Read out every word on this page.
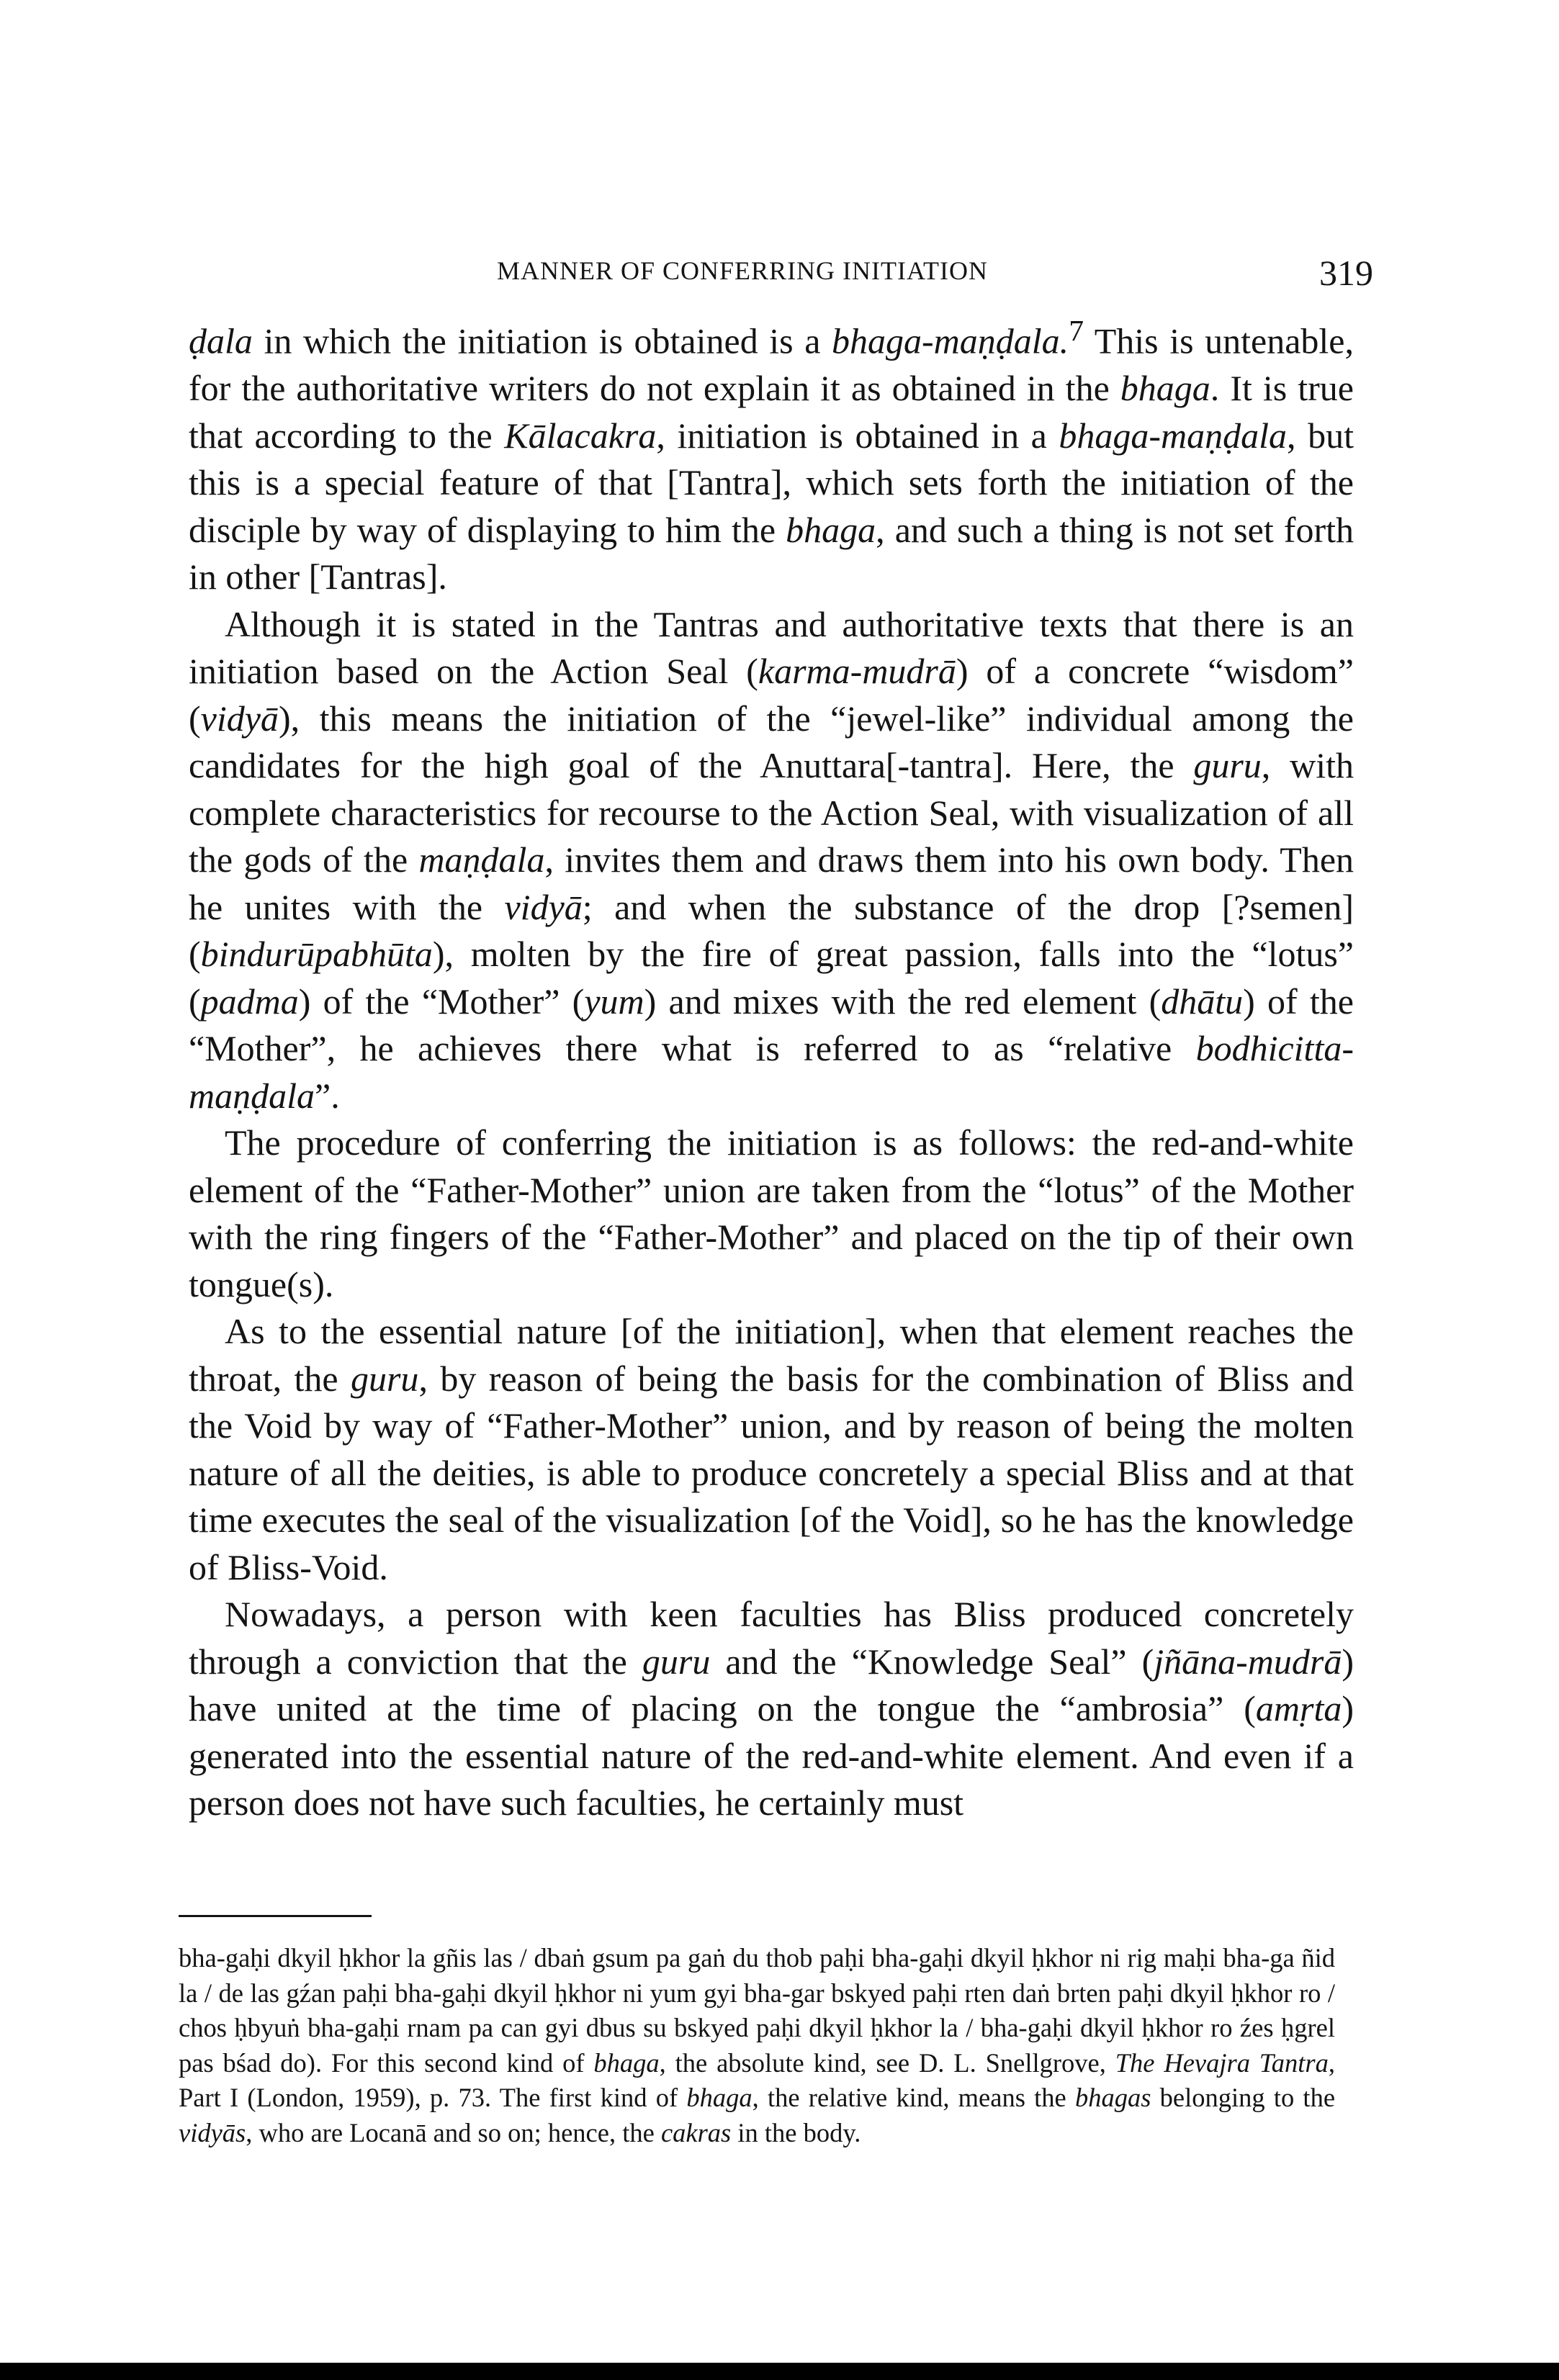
MANNER OF CONFERRING INITIATION	319

ḍala in which the initiation is obtained is a bhaga-maṇḍala.$^7$ This is untenable, for the authoritative writers do not explain it as obtained in the bhaga. It is true that according to the Kālacakra, initiation is obtained in a bhaga-maṇḍala, but this is a special feature of that [Tantra], which sets forth the initiation of the disciple by way of displaying to him the bhaga, and such a thing is not set forth in other [Tantras].

Although it is stated in the Tantras and authoritative texts that there is an initiation based on the Action Seal (karma-mudrā) of a concrete “wisdom” (vidyā), this means the initiation of the “jewel-like” individual among the candidates for the high goal of the Anuttara[-tantra]. Here, the guru, with complete characteristics for recourse to the Action Seal, with visualization of all the gods of the maṇḍala, invites them and draws them into his own body. Then he unites with the vidyā; and when the substance of the drop [?semen] (bindurūpabhūta), molten by the fire of great passion, falls into the “lotus” (padma) of the “Mother” (yum) and mixes with the red element (dhātu) of the “Mother”, he achieves there what is referred to as “relative bodhicitta-maṇḍala”.

The procedure of conferring the initiation is as follows: the red-and-white element of the “Father-Mother” union are taken from the “lotus” of the Mother with the ring fingers of the “Father-Mother” and placed on the tip of their own tongue(s).

As to the essential nature [of the initiation], when that element reaches the throat, the guru, by reason of being the basis for the combination of Bliss and the Void by way of “Father-Mother” union, and by reason of being the molten nature of all the deities, is able to produce concretely a special Bliss and at that time executes the seal of the visualization [of the Void], so he has the knowledge of Bliss-Void.

Nowadays, a person with keen faculties has Bliss produced concretely through a conviction that the guru and the “Knowledge Seal” (jñāna-mudrā) have united at the time of placing on the tongue the “ambrosia” (amṛta) generated into the essential nature of the red-and-white element. And even if a person does not have such faculties, he certainly must

bha-gaḥi dkyil ḥkhor la gñis las / dbaṅ gsum pa gaṅ du thob paḥi bha-gaḥi dkyil ḥkhor ni rig maḥi bha-ga ñid la / de las gźan paḥi bha-gaḥi dkyil ḥkhor ni yum gyi bha-gar bskyed paḥi rten daṅ brten paḥi dkyil ḥkhor ro / chos ḥbyuṅ bha-gaḥi rnam pa can gyi dbus su bskyed paḥi dkyil ḥkhor la / bha-gaḥi dkyil ḥkhor ro źes ḥgrel pas bśad do). For this second kind of bhaga, the absolute kind, see D. L. Snellgrove, The Hevajra Tantra, Part I (London, 1959), p. 73. The first kind of bhaga, the relative kind, means the bhagas belonging to the vidyās, who are Locanā and so on; hence, the cakras in the body.
